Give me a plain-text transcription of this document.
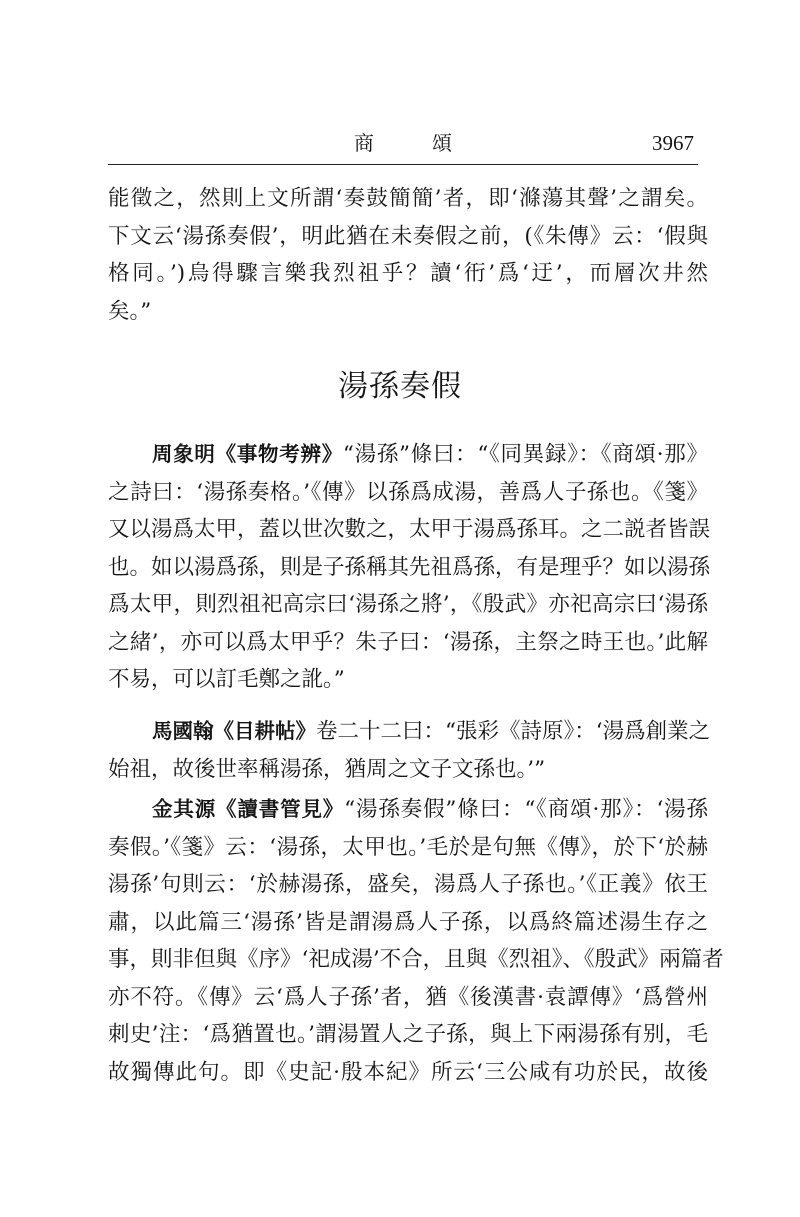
商 頌	3967
能徵之，然則上文所謂‘奏鼓簡簡’者，即‘滌蕩其聲’之謂矣。
下文云‘湯孫奏假’，明此猶在未奏假之前，(《朱傳》云：‘假與
格同。’)烏得驟言樂我烈祖乎？讀‘衎’爲‘迂’，而層次井然
矣。”
湯孫奏假
周象明《事物考辨》“湯孫”條曰：“《同異録》：《商頌·那》
之詩曰：‘湯孫奏格。’《傳》以孫爲成湯，善爲人子孫也。《箋》
又以湯爲太甲，蓋以世次數之，太甲于湯爲孫耳。之二説者皆誤
也。如以湯爲孫，則是子孫稱其先祖爲孫，有是理乎？如以湯孫
爲太甲，則烈祖祀高宗曰‘湯孫之將’，《殷武》亦祀高宗曰‘湯孫
之緒’，亦可以爲太甲乎？朱子曰：‘湯孫，主祭之時王也。’此解
不易，可以訂毛鄭之訛。”
馬國翰《目耕帖》卷二十二曰：“張彩《詩原》：‘湯爲創業之
始祖，故後世率稱湯孫，猶周之文子文孫也。’”
金其源《讀書管見》“湯孫奏假”條曰：“《商頌·那》：‘湯孫
奏假。’《箋》云：‘湯孫，太甲也。’毛於是句無《傳》，於下‘於赫
湯孫’句則云：‘於赫湯孫，盛矣，湯爲人子孫也。’《正義》依王
肅，以此篇三‘湯孫’皆是謂湯爲人子孫，以爲終篇述湯生存之
事，則非但與《序》‘祀成湯’不合，且與《烈祖》、《殷武》兩篇者
亦不符。《傳》云‘爲人子孫’者，猶《後漢書·袁譚傳》‘爲營州
刺史’注：‘爲猶置也。’謂湯置人之子孫，與上下兩湯孫有别，毛
故獨傳此句。即《史記·殷本紀》所云‘三公咸有功於民，故後
